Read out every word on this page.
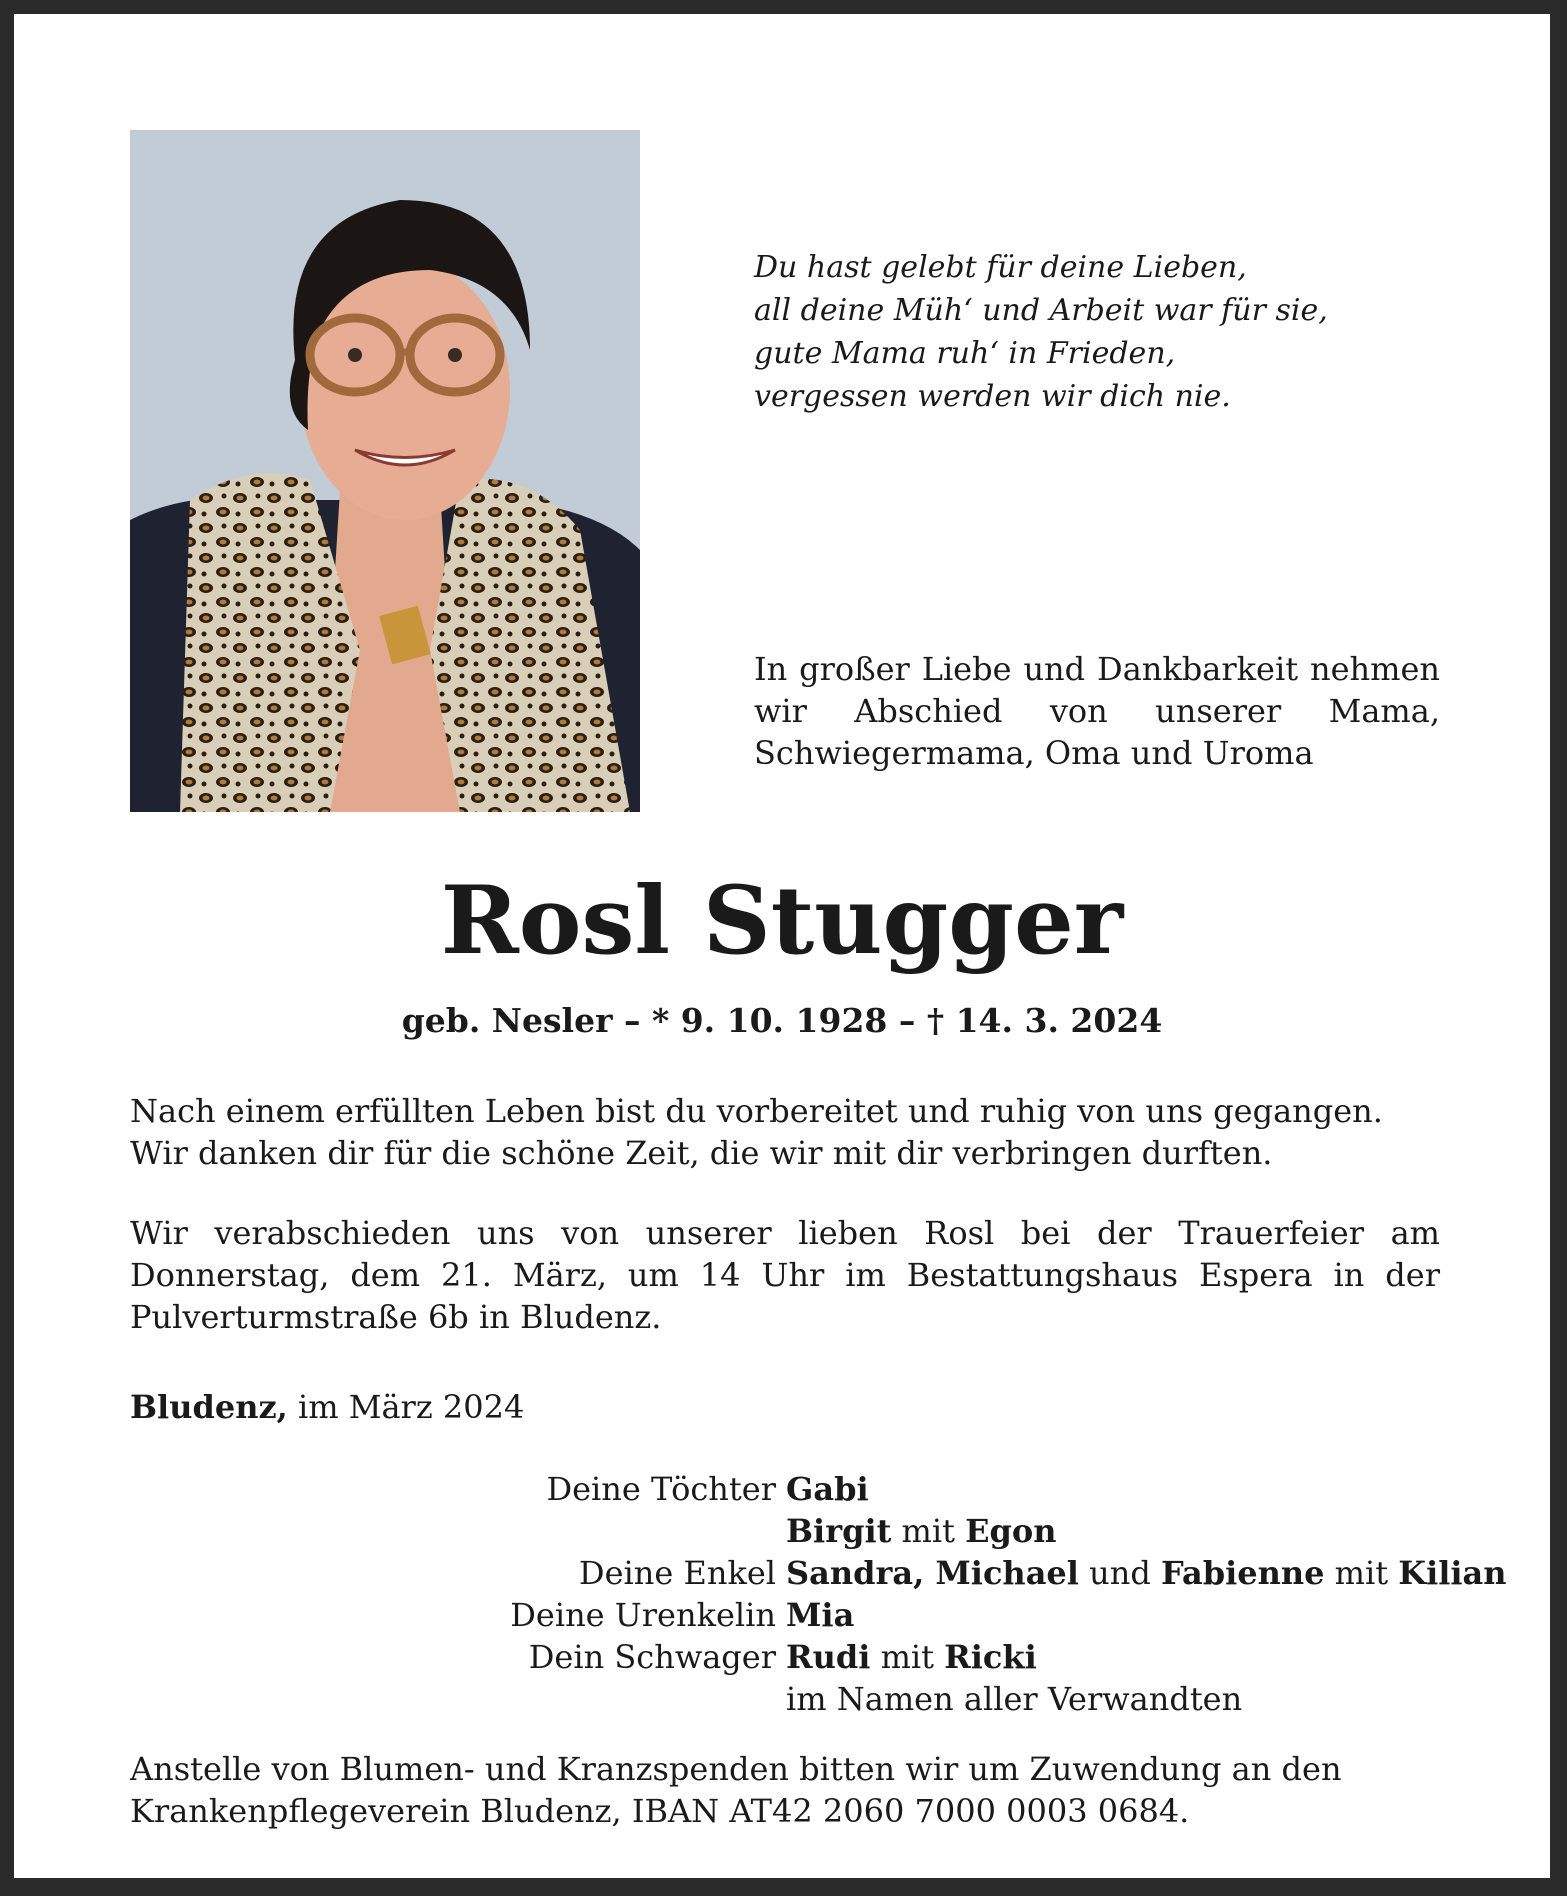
Du hast gelebt für deine Lieben,
all deine Müh‘ und Arbeit war für sie,
gute Mama ruh‘ in Frieden,
vergessen werden wir dich nie.

In großer Liebe und Dankbarkeit nehmen wir Abschied von unserer Mama, Schwiegermama, Oma und Uroma

Rosl Stugger

geb. Nesler – * 9. 10. 1928 – † 14. 3. 2024

Nach einem erfüllten Leben bist du vorbereitet und ruhig von uns gegangen.
Wir danken dir für die schöne Zeit, die wir mit dir verbringen durften.
Wir verabschieden uns von unserer lieben Rosl bei der Trauerfeier am
Donnerstag, dem 21. März, um 14 Uhr im Bestattungshaus Espera in der
Pulverturmstraße 6b in Bludenz.

Bludenz, im März 2024

Deine Töchter Gabi
Birgit mit Egon
Deine Enkel Sandra, Michael und Fabienne mit Kilian
Deine Urenkelin Mia
Dein Schwager Rudi mit Ricki
im Namen aller Verwandten
Anstelle von Blumen- und Kranzspenden bitten wir um Zuwendung an den
Krankenpflegeverein Bludenz, IBAN AT42 2060 7000 0003 0684.
